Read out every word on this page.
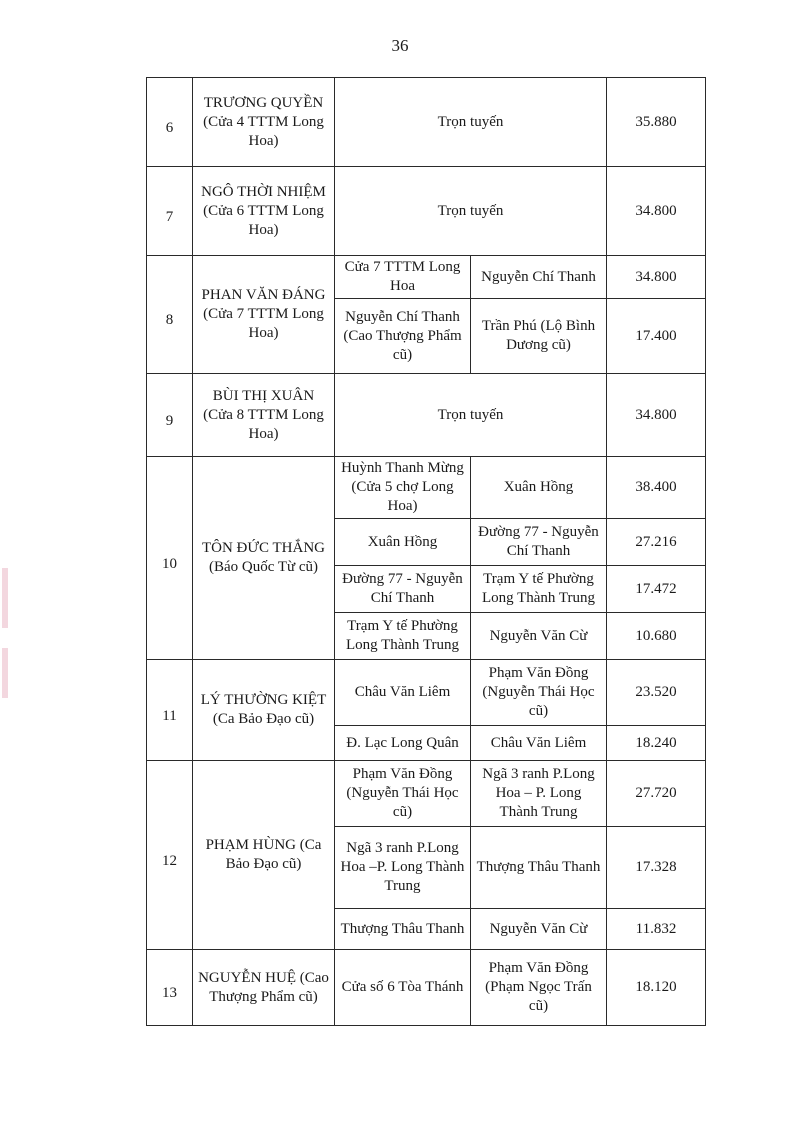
36
6	TRƯƠNG QUYỀN (Cửa 4 TTTM Long Hoa)	Trọn tuyến		35.880
7	NGÔ THỜI NHIỆM (Cửa 6 TTTM Long Hoa)	Trọn tuyến		34.800
8	PHAN VĂN ĐÁNG (Cửa 7 TTTM Long Hoa)	Cửa 7 TTTM Long Hoa	Nguyễn Chí Thanh	34.800
		Nguyễn Chí Thanh (Cao Thượng Phẩm cũ)	Trần Phú (Lộ Bình Dương cũ)	17.400
9	BÙI THỊ XUÂN (Cửa 8 TTTM Long Hoa)	Trọn tuyến		34.800
10	TÔN ĐỨC THẮNG (Báo Quốc Từ cũ)	Huỳnh Thanh Mừng (Cửa 5 chợ Long Hoa)	Xuân Hồng	38.400
		Xuân Hồng	Đường 77 - Nguyễn Chí Thanh	27.216
		Đường 77 - Nguyễn Chí Thanh	Trạm Y tế Phường Long Thành Trung	17.472
		Trạm Y tế Phường Long Thành Trung	Nguyễn Văn Cừ	10.680
11	LÝ THƯỜNG KIỆT (Ca Bảo Đạo cũ)	Châu Văn Liêm	Phạm Văn Đồng (Nguyễn Thái Học cũ)	23.520
		Đ. Lạc Long Quân	Châu Văn Liêm	18.240
12	PHẠM HÙNG (Ca Bảo Đạo cũ)	Phạm Văn Đồng (Nguyễn Thái Học cũ)	Ngã 3 ranh P.Long Hoa – P. Long Thành Trung	27.720
		Ngã 3 ranh P.Long Hoa –P. Long Thành Trung	Thượng Thâu Thanh	17.328
		Thượng Thâu Thanh	Nguyễn Văn Cừ	11.832
13	NGUYỄN HUỆ (Cao Thượng Phẩm cũ)	Cửa số 6 Tòa Thánh	Phạm Văn Đồng (Phạm Ngọc Trấn cũ)	18.120
